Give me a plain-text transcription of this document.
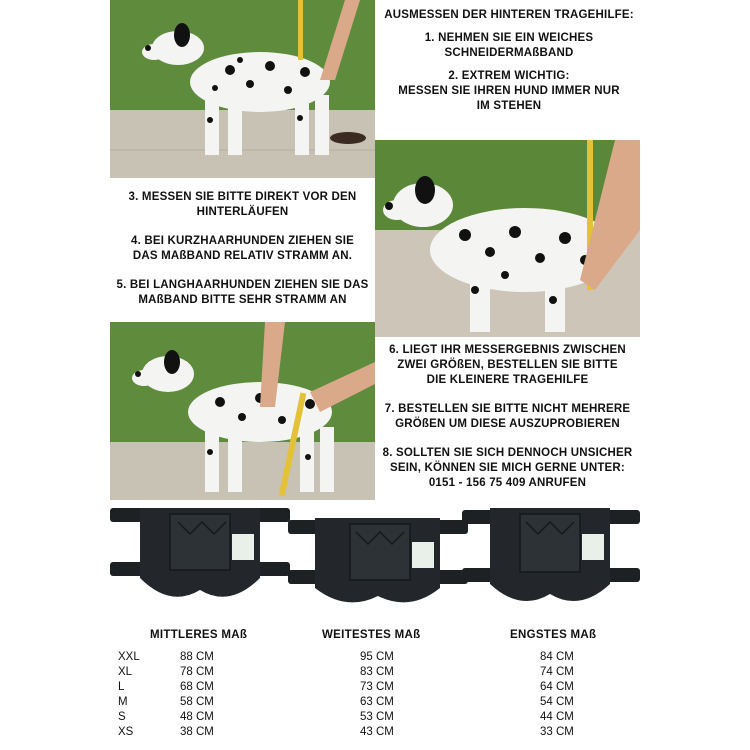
AUSMESSEN DER HINTEREN TRAGEHILFE:

1. NEHMEN SIE EIN WEICHES
SCHNEIDERMAßBAND

2. EXTREM WICHTIG:
MESSEN SIE IHREN HUND IMMER NUR
IM STEHEN

3. MESSEN SIE BITTE DIREKT VOR DEN
HINTERLÄUFEN

4. BEI KURZHAARHUNDEN ZIEHEN SIE
DAS MAßBAND RELATIV STRAMM AN.

5. BEI LANGHAARHUNDEN ZIEHEN SIE DAS
MAßBAND BITTE SEHR STRAMM AN

6. LIEGT IHR MESSERGEBNIS ZWISCHEN
ZWEI GRÖßEN, BESTELLEN SIE BITTE
DIE KLEINERE TRAGEHILFE

7. BESTELLEN SIE BITTE NICHT MEHRERE
GRÖßEN UM DIESE AUSZUPROBIEREN

8. SOLLTEN SIE SICH DENNOCH UNSICHER
SEIN, KÖNNEN SIE MICH GERNE UNTER:
0151 - 156 75 409 ANRUFEN

MITTLERES MAß	WEITESTES MAß	ENGSTES MAß
XXL
XL
L
M
S
XS
88 CM
78 CM
68 CM
58 CM
48 CM
38 CM
95 CM
83 CM
73 CM
63 CM
53 CM
43 CM
84 CM
74 CM
64 CM
54 CM
44 CM
33 CM
